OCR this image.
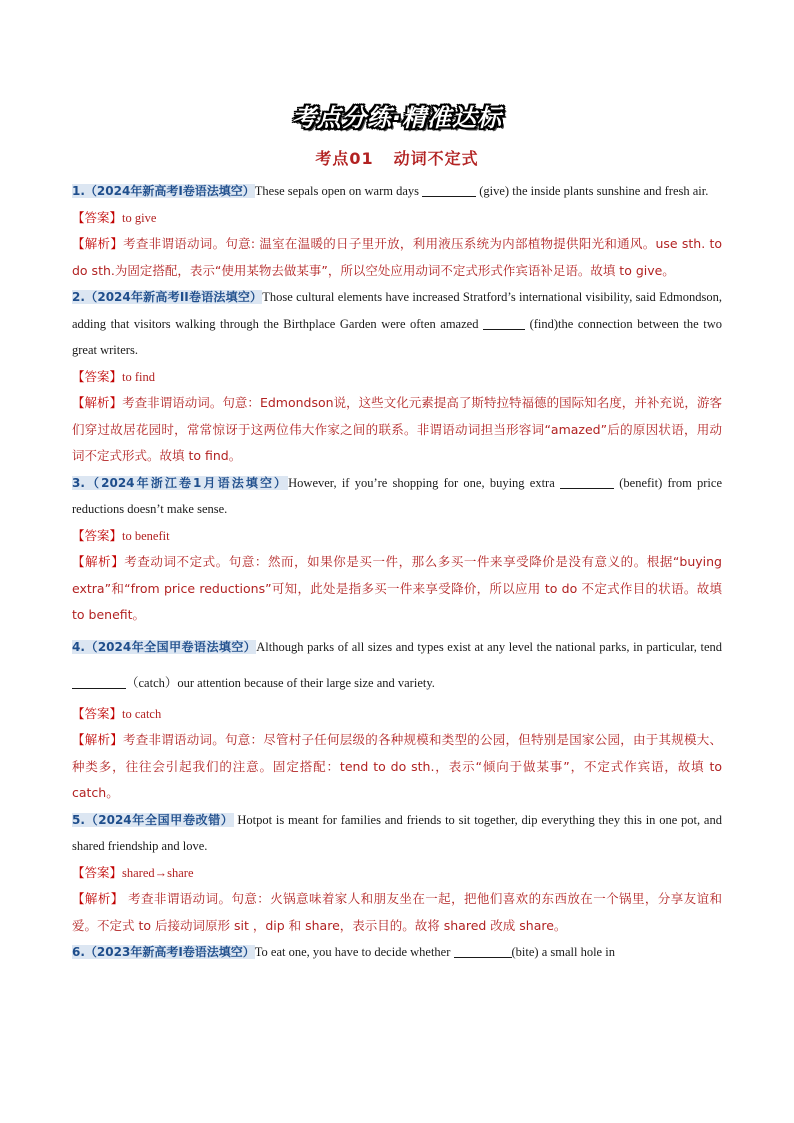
考点分练·精准达标
考点01 动词不定式

1.（2024年新高考I卷语法填空）These sepals open on warm days	(give) the inside plants sunshine and fresh air.

【答案】to give

【解析】考查非谓语动词。句意: 温室在温暖的日子里开放，利用液压系统为内部植物提供阳光和通风。use sth. to do sth.为固定搭配，表示“使用某物去做某事”，所以空处应用动词不定式形式作宾语补足语。故填 to give。

2.（2024年新高考II卷语法填空）Those cultural elements have increased Stratford’s international visibility, said Edmondson, adding that visitors walking through the Birthplace Garden were often amazed	(find)the connection between the two great writers.

【答案】to find

【解析】考查非谓语动词。句意：Edmondson说，这些文化元素提高了斯特拉特福德的国际知名度，并补充说，游客们穿过故居花园时，常常惊讶于这两位伟大作家之间的联系。非谓语动词担当形容词“amazed”后的原因状语，用动词不定式形式。故填 to find。

3.（2024年浙江卷1月语法填空）However, if you’re shopping for one, buying extra	(benefit) from price reductions doesn’t make sense.

【答案】to benefit

【解析】考查动词不定式。句意：然而，如果你是买一件，那么多买一件来享受降价是没有意义的。根据“buying extra”和“from price reductions”可知，此处是指多买一件来享受降价，所以应用 to do 不定式作目的状语。故填 to benefit。

4.（2024年全国甲卷语法填空）Although parks of all sizes and types exist at any level the national parks, in particular, tend （catch）our attention because of their large size and variety.

【答案】to catch

【解析】考查非谓语动词。句意：尽管村子任何层级的各种规模和类型的公园，但特别是国家公园，由于其规模大、种类多，往往会引起我们的注意。固定搭配：tend to do sth.，表示“倾向于做某事”，不定式作宾语，故填 to catch。

5.（2024年全国甲卷改错） Hotpot is meant for families and friends to sit together, dip everything they this in one pot, and shared friendship and love.

【答案】shared→share

【解析】 考查非谓语动词。句意：火锅意味着家人和朋友坐在一起，把他们喜欢的东西放在一个锅里，分享友谊和爱。不定式 to 后接动词原形 sit ，dip 和 share，表示目的。故将 shared 改成 share。

6.（2023年新高考I卷语法填空）To eat one, you have to decide whether	(bite) a small hole in
